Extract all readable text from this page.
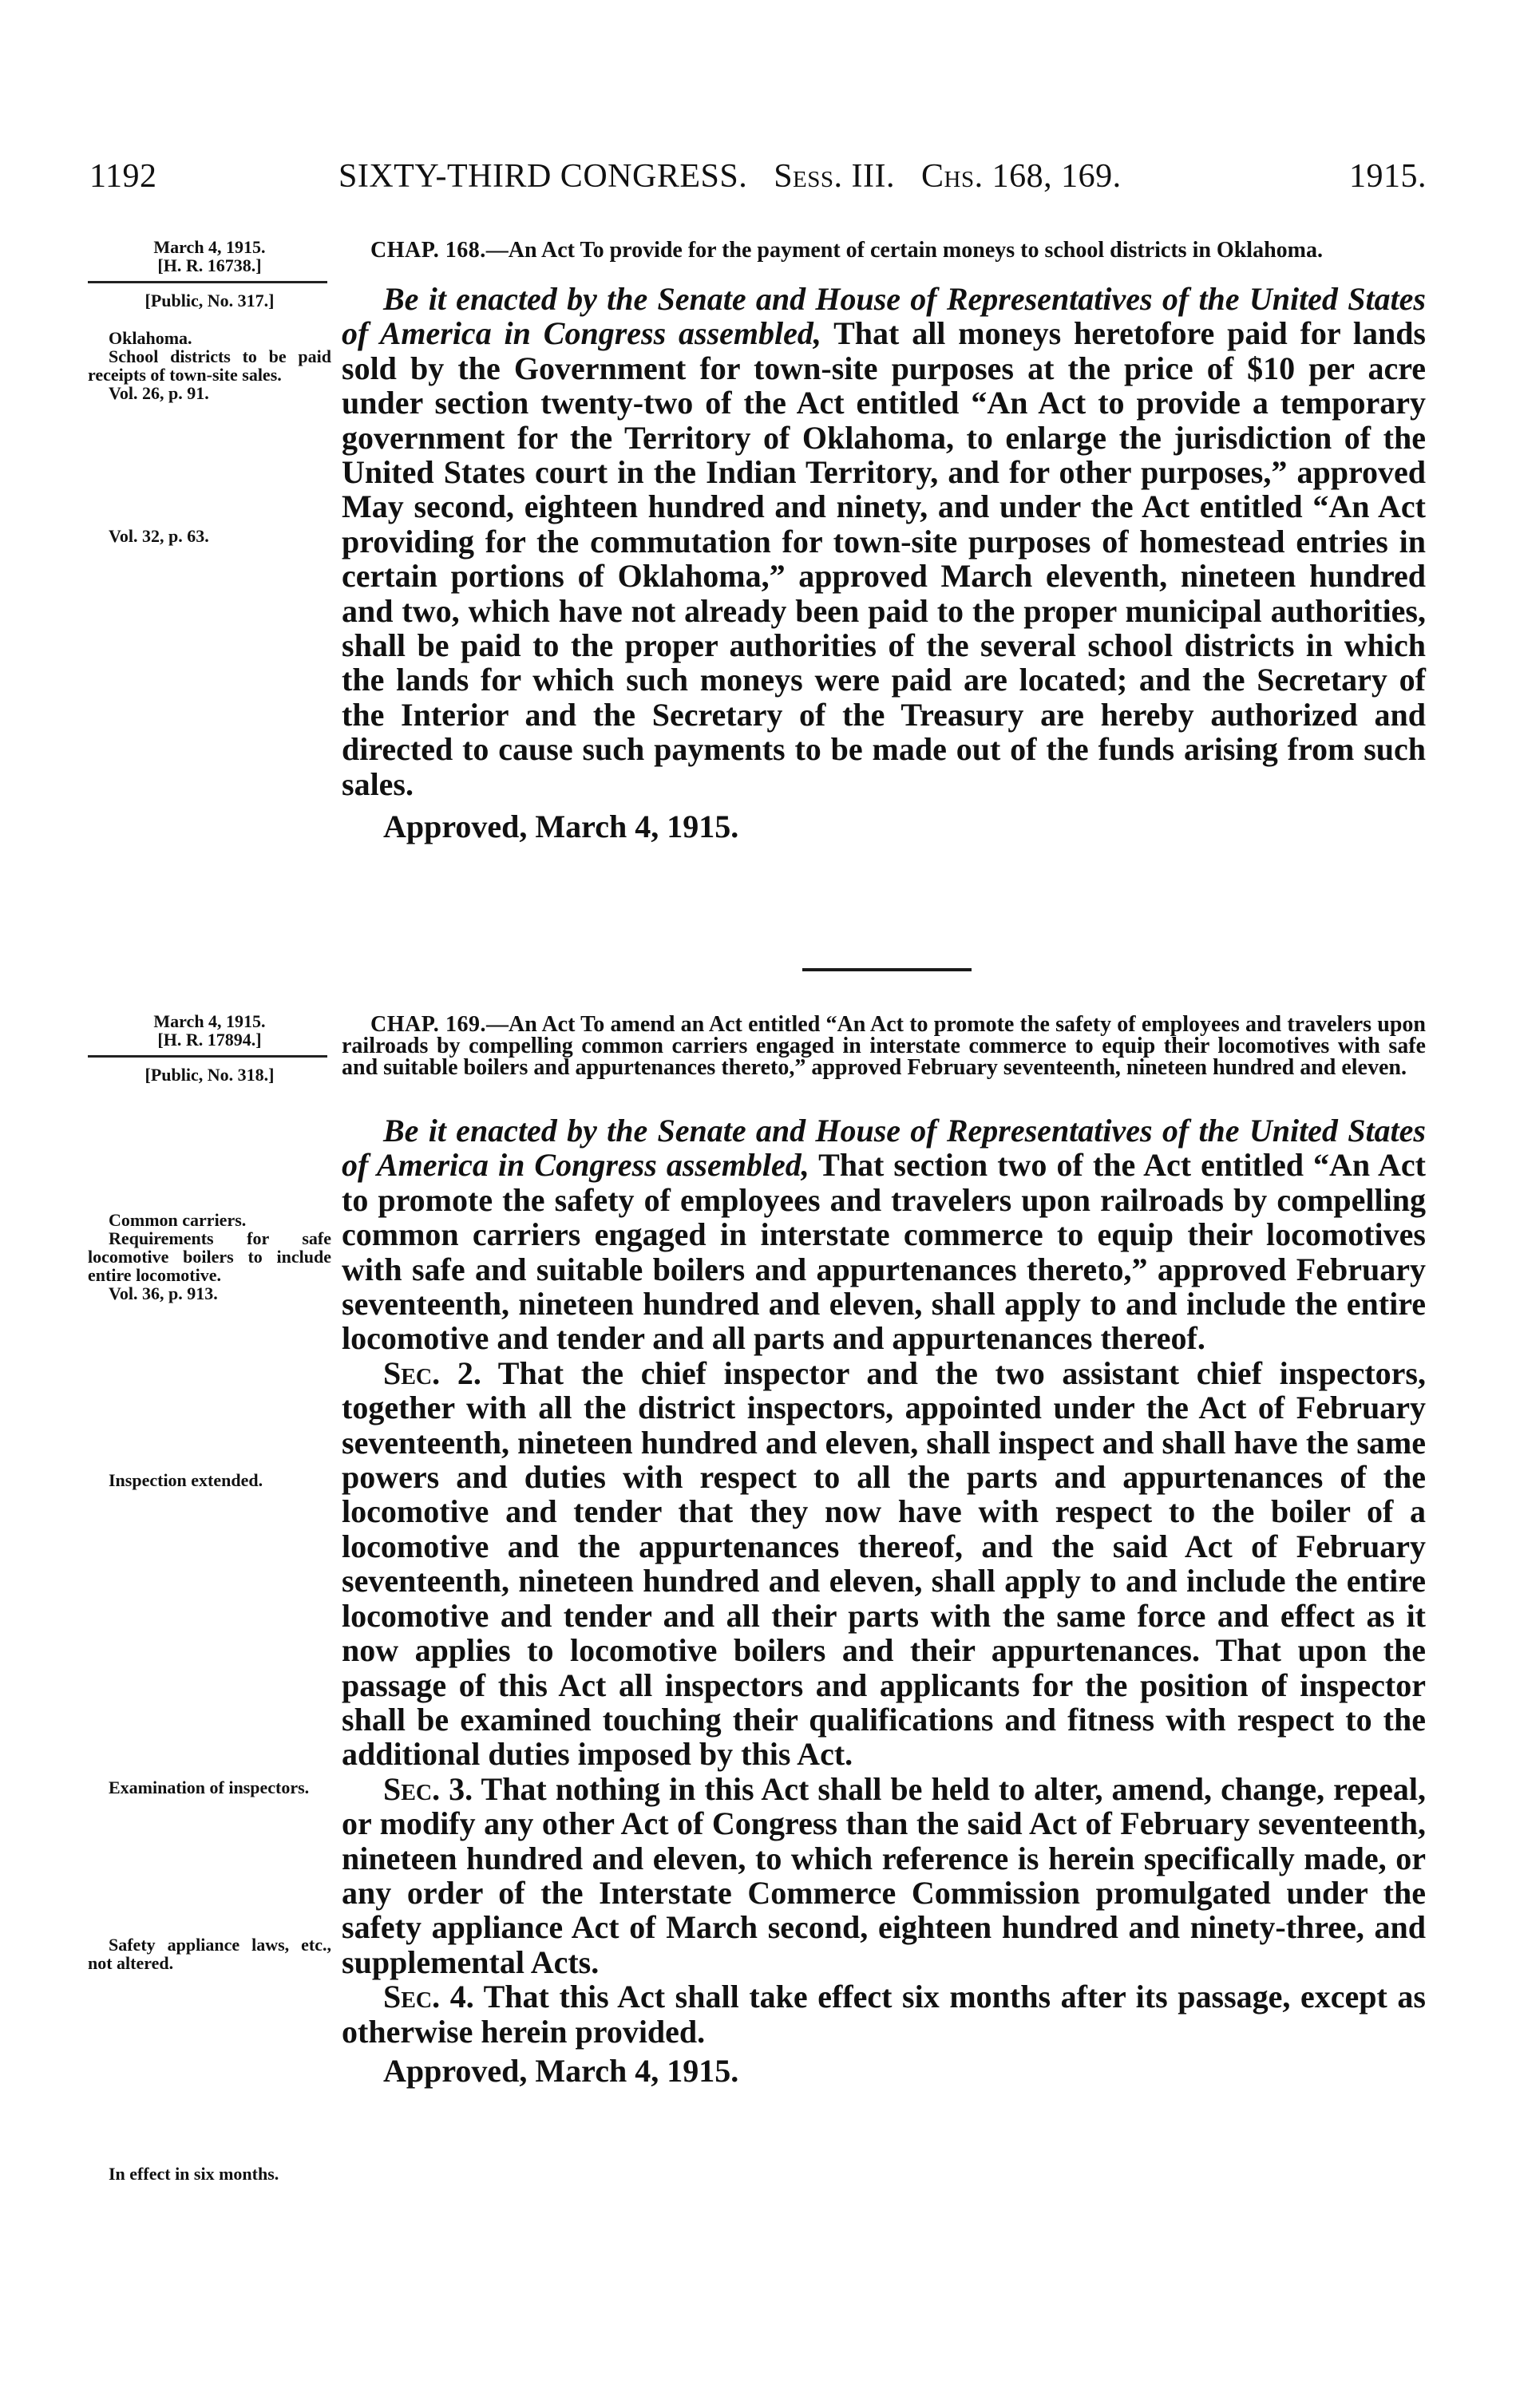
1192	SIXTY-THIRD CONGRESS. Sess. III. Chs. 168, 169.	1915.
March 4, 1915.
[H. R. 16738.]
[Public, No. 317.]
Oklahoma.

School districts to be paid receipts of town-site sales.

Vol. 26, p. 91.
Vol. 32, p. 63.

CHAP. 168.—An Act To provide for the payment of certain moneys to school districts in Oklahoma.

Be it enacted by the Senate and House of Representatives of the United States of America in Congress assembled, That all moneys heretofore paid for lands sold by the Government for town-site purposes at the price of $10 per acre under section twenty-two of the Act entitled “An Act to provide a temporary government for the Territory of Oklahoma, to enlarge the jurisdiction of the United States court in the Indian Territory, and for other purposes,” approved May second, eighteen hundred and ninety, and under the Act entitled “An Act providing for the commutation for town-site purposes of homestead entries in certain portions of Oklahoma,” approved March eleventh, nineteen hundred and two, which have not already been paid to the proper municipal authorities, shall be paid to the proper authorities of the several school districts in which the lands for which such moneys were paid are located; and the Secretary of the Interior and the Secretary of the Treasury are hereby authorized and directed to cause such payments to be made out of the funds arising from such sales.

Approved, March 4, 1915.

March 4, 1915.
[H. R. 17894.]
[Public, No. 318.]
Common carriers.

Requirements for safe locomotive boilers to include entire locomotive.

Vol. 36, p. 913.
Inspection extended.

Examination of inspectors.

Safety appliance laws, etc., not altered.

In effect in six months.

CHAP. 169.—An Act To amend an Act entitled “An Act to promote the safety of employees and travelers upon railroads by compelling common carriers engaged in interstate commerce to equip their locomotives with safe and suitable boilers and appurtenances thereto,” approved February seventeenth, nineteen hundred and eleven.

Be it enacted by the Senate and House of Representatives of the United States of America in Congress assembled, That section two of the Act entitled “An Act to promote the safety of employees and travelers upon railroads by compelling common carriers engaged in interstate commerce to equip their locomotives with safe and suitable boilers and appurtenances thereto,” approved February seventeenth, nineteen hundred and eleven, shall apply to and include the entire locomotive and tender and all parts and appurtenances thereof.

Sec. 2. That the chief inspector and the two assistant chief inspectors, together with all the district inspectors, appointed under the Act of February seventeenth, nineteen hundred and eleven, shall inspect and shall have the same powers and duties with respect to all the parts and appurtenances of the locomotive and tender that they now have with respect to the boiler of a locomotive and the appurtenances thereof, and the said Act of February seventeenth, nineteen hundred and eleven, shall apply to and include the entire locomotive and tender and all their parts with the same force and effect as it now applies to locomotive boilers and their appurtenances. That upon the passage of this Act all inspectors and applicants for the position of inspector shall be examined touching their qualifications and fitness with respect to the additional duties imposed by this Act.

Sec. 3. That nothing in this Act shall be held to alter, amend, change, repeal, or modify any other Act of Congress than the said Act of February seventeenth, nineteen hundred and eleven, to which reference is herein specifically made, or any order of the Interstate Commerce Commission promulgated under the safety appliance Act of March second, eighteen hundred and ninety-three, and supplemental Acts.

Sec. 4. That this Act shall take effect six months after its passage, except as otherwise herein provided.

Approved, March 4, 1915.
